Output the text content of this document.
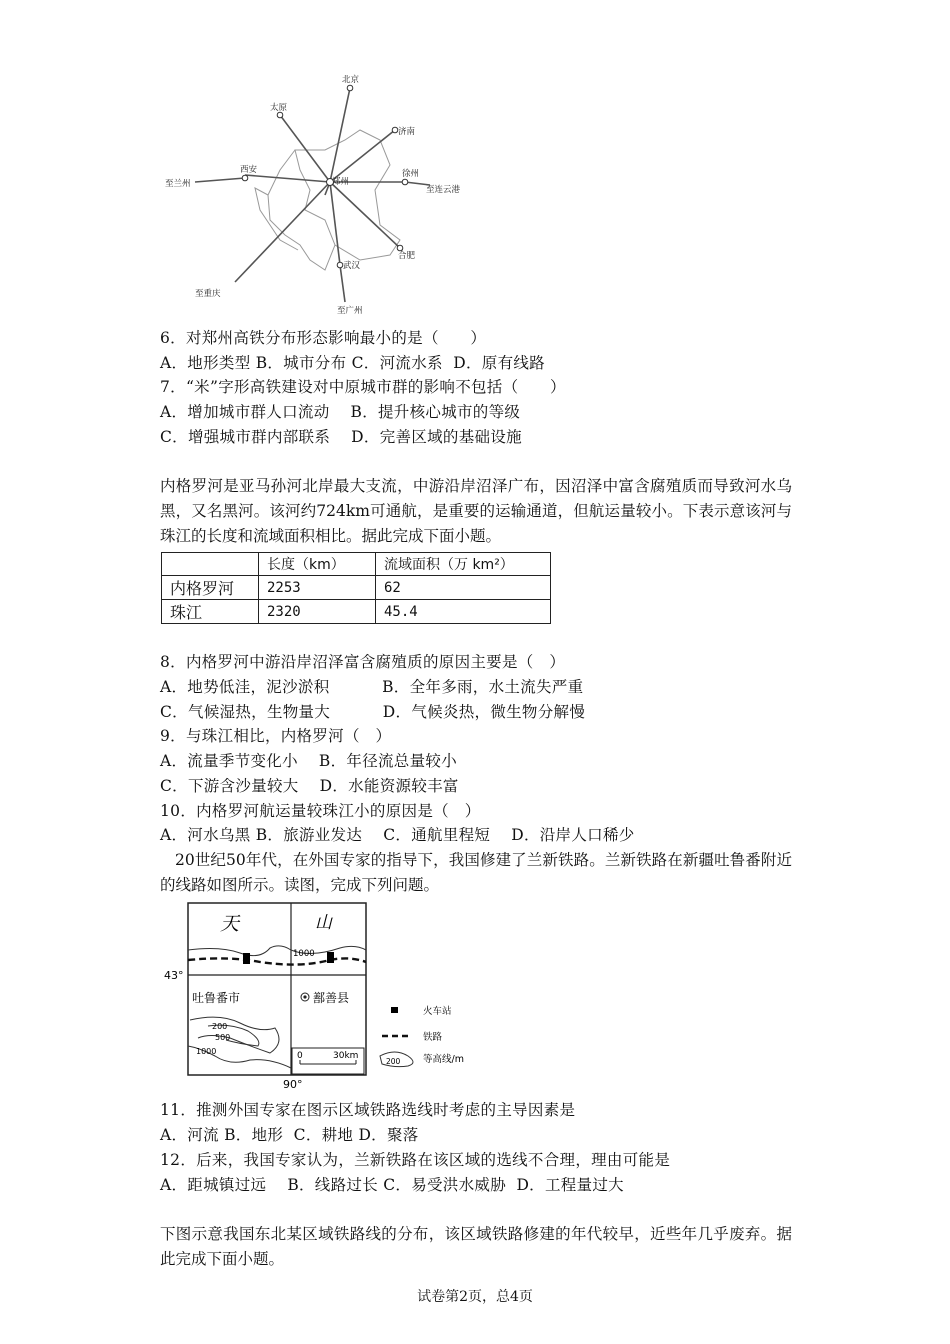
北京
太原
济南
西安
郑州
徐州
至兰州
至连云港
合肥
武汉
至重庆
至广州
6．对郑州高铁分布形态影响最小的是（　　）
A．地形类型 B．城市分布 C．河流水系  D．原有线路
7．“米”字形高铁建设对中原城市群的影响不包括（　　）
A．增加城市群人口流动　 B．提升核心城市的等级
C．增强城市群内部联系　 D．完善区域的基础设施
内格罗河是亚马孙河北岸最大支流，中游沿岸沼泽广布，因沼泽中富含腐殖质而导致河水乌黑，又名黑河。该河约724km可通航，是重要的运输通道，但航运量较小。下表示意该河与珠江的长度和流域面积相比。据此完成下面小题。
	长度（km）	流域面积（万 km²）
内格罗河	2253	62
珠江	2320	45.4
8．内格罗河中游沿岸沼泽富含腐殖质的原因主要是（　）
A．地势低洼，泥沙淤积　　　 B．全年多雨，水土流失严重
C．气候湿热，生物量大　　　 D．气候炎热，微生物分解慢
9．与珠江相比，内格罗河（　）
A．流量季节变化小　 B．年径流总量较小
C．下游含沙量较大　 D．水能资源较丰富
10．内格罗河航运量较珠江小的原因是（　）
A．河水乌黑 B．旅游业发达　 C．通航里程短　 D．沿岸人口稀少
20世纪50年代，在外国专家的指导下，我国修建了兰新铁路。兰新铁路在新疆吐鲁番附近的线路如图所示。读图，完成下列问题。
天	山
1000
43°
吐鲁番市	鄯善县
200
500
1000	0	30km
90°
火车站
铁路
200 等高线/m
11．推测外国专家在图示区域铁路选线时考虑的主导因素是
A．河流 B．地形  C．耕地 D．聚落
12．后来，我国专家认为，兰新铁路在该区域的选线不合理，理由可能是
A．距城镇过远　 B．线路过长 C．易受洪水威胁  D．工程量过大
下图示意我国东北某区域铁路线的分布，该区域铁路修建的年代较早，近些年几乎废弃。据此完成下面小题。
试卷第2页，总4页
